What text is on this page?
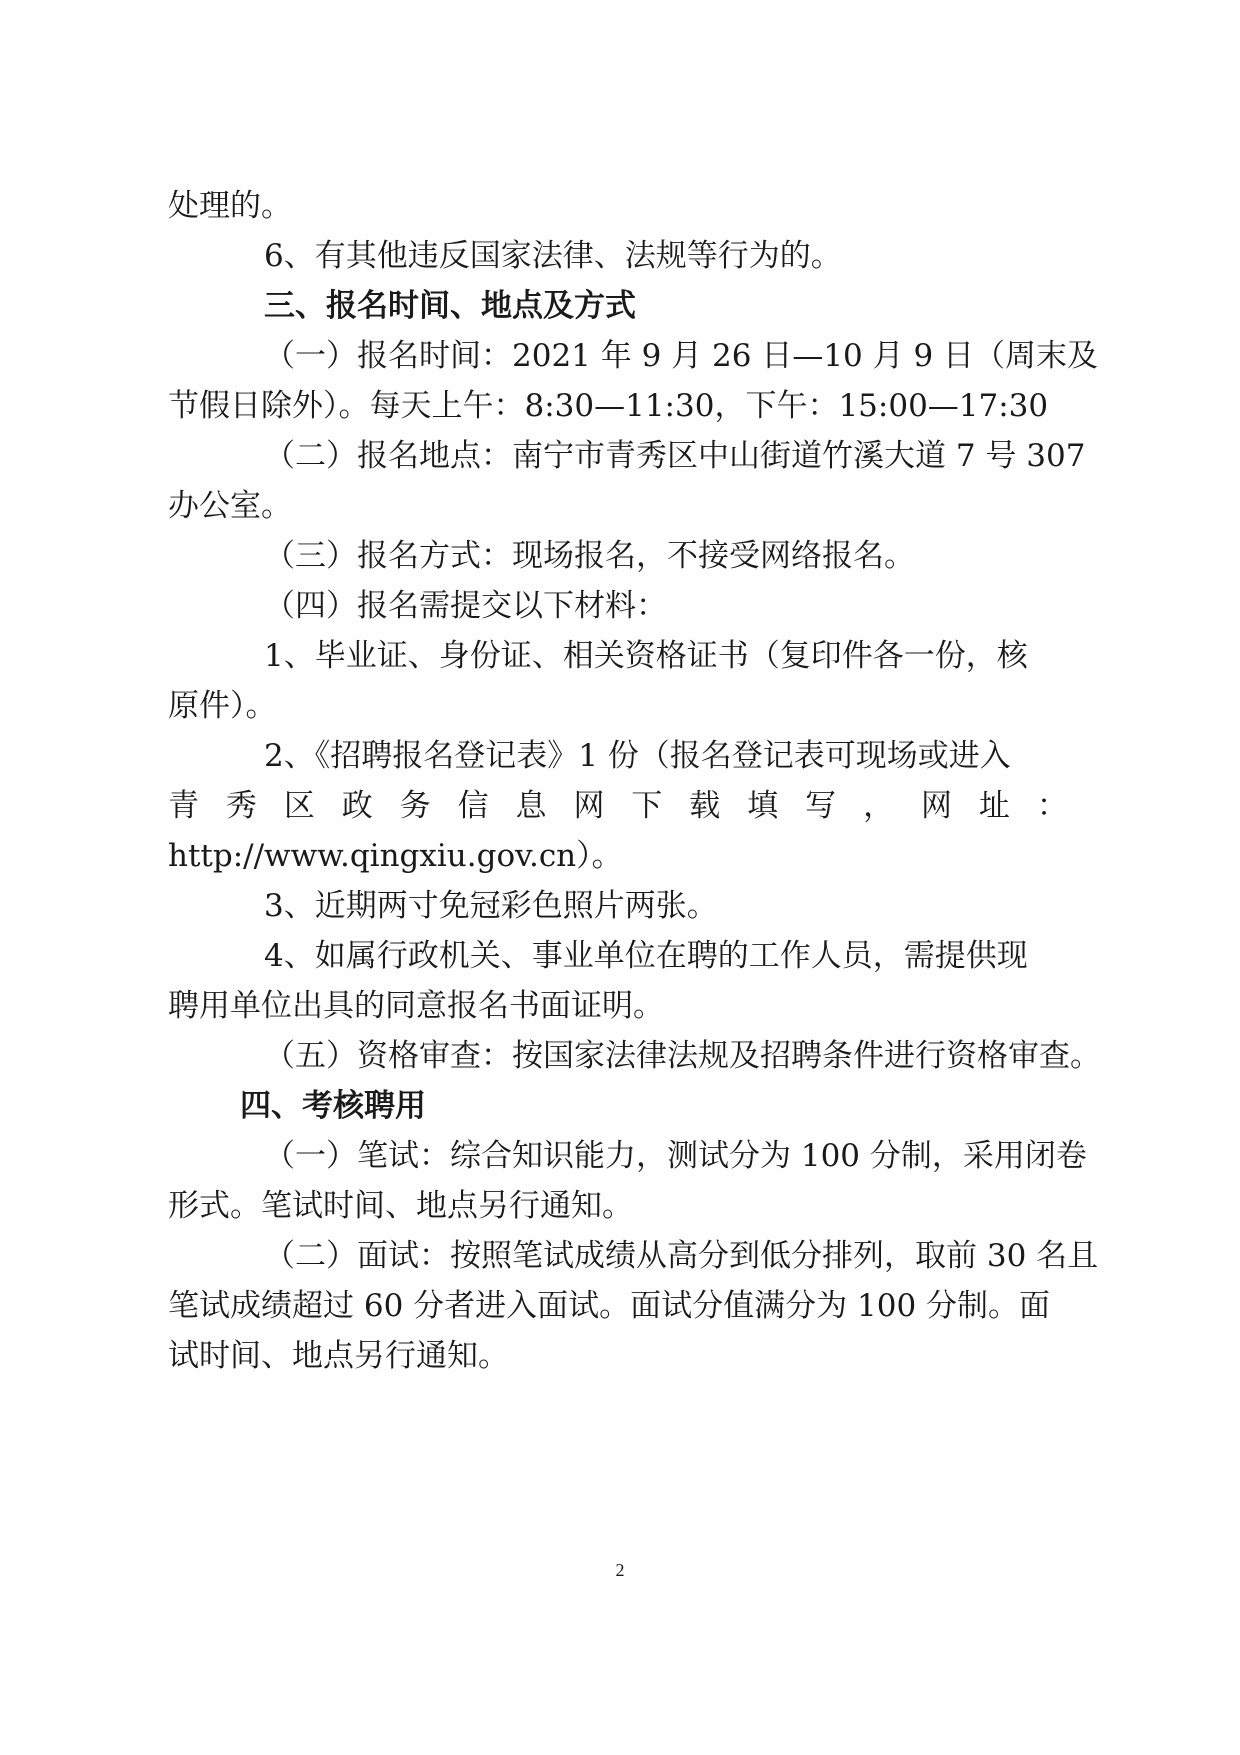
处理的。
6、有其他违反国家法律、法规等行为的。
三、报名时间、地点及方式
（一）报名时间：2021 年 9 月 26 日—10 月 9 日（周末及
节假日除外）。每天上午：8:30—11:30，下午：15:00—17:30
（二）报名地点：南宁市青秀区中山街道竹溪大道 7 号 307
办公室。
（三）报名方式：现场报名，不接受网络报名。
（四）报名需提交以下材料：
1、毕业证、身份证、相关资格证书（复印件各一份，核
原件）。
2、《招聘报名登记表》1 份（报名登记表可现场或进入
青 秀 区 政 务 信 息 网 下 载 填 写 ， 网 址 ：
http://www.qingxiu.gov.cn）。
3、近期两寸免冠彩色照片两张。
4、如属行政机关、事业单位在聘的工作人员，需提供现
聘用单位出具的同意报名书面证明。
（五）资格审查：按国家法律法规及招聘条件进行资格审查。
四、考核聘用
（一）笔试：综合知识能力，测试分为 100 分制，采用闭卷
形式。笔试时间、地点另行通知。
（二）面试：按照笔试成绩从高分到低分排列，取前 30 名且
笔试成绩超过 60 分者进入面试。面试分值满分为 100 分制。面
试时间、地点另行通知。
2
